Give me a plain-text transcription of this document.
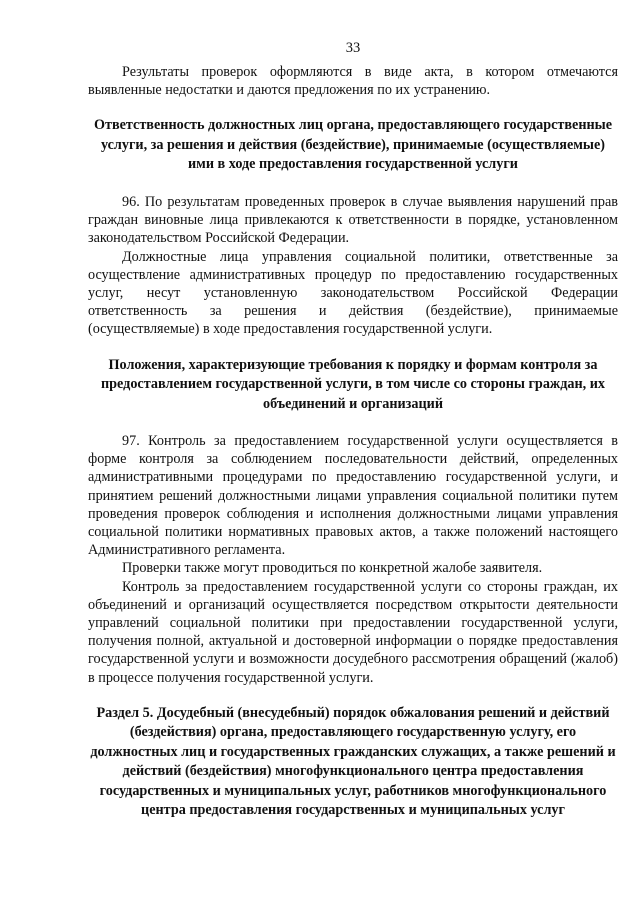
33

Результаты проверок оформляются в виде акта, в котором отмечаются выявленные недостатки и даются предложения по их устранению.

Ответственность должностных лиц органа, предоставляющего государственные услуги, за решения и действия (бездействие), принимаемые (осуществляемые) ими в ходе предоставления государственной услуги

96. По результатам проведенных проверок в случае выявления нарушений прав граждан виновные лица привлекаются к ответственности в порядке, установленном законодательством Российской Федерации.

Должностные лица управления социальной политики, ответственные за осуществление административных процедур по предоставлению государственных услуг, несут установленную законодательством Российской Федерации ответственность за решения и действия (бездействие), принимаемые (осуществляемые) в ходе предоставления государственной услуги.

Положения, характеризующие требования к порядку и формам контроля за предоставлением государственной услуги, в том числе со стороны граждан, их объединений и организаций

97. Контроль за предоставлением государственной услуги осуществляется в форме контроля за соблюдением последовательности действий, определенных административными процедурами по предоставлению государственной услуги, и принятием решений должностными лицами управления социальной политики путем проведения проверок соблюдения и исполнения должностными лицами управления социальной политики нормативных правовых актов, а также положений настоящего Административного регламента.

Проверки также могут проводиться по конкретной жалобе заявителя.

Контроль за предоставлением государственной услуги со стороны граждан, их объединений и организаций осуществляется посредством открытости деятельности управлений социальной политики при предоставлении государственной услуги, получения полной, актуальной и достоверной информации о порядке предоставления государственной услуги и возможности досудебного рассмотрения обращений (жалоб) в процессе получения государственной услуги.

Раздел 5. Досудебный (внесудебный) порядок обжалования решений и действий (бездействия) органа, предоставляющего государственную услугу, его должностных лиц и государственных гражданских служащих, а также решений и действий (бездействия) многофункционального центра предоставления государственных и муниципальных услуг, работников многофункционального центра предоставления государственных и муниципальных услуг
